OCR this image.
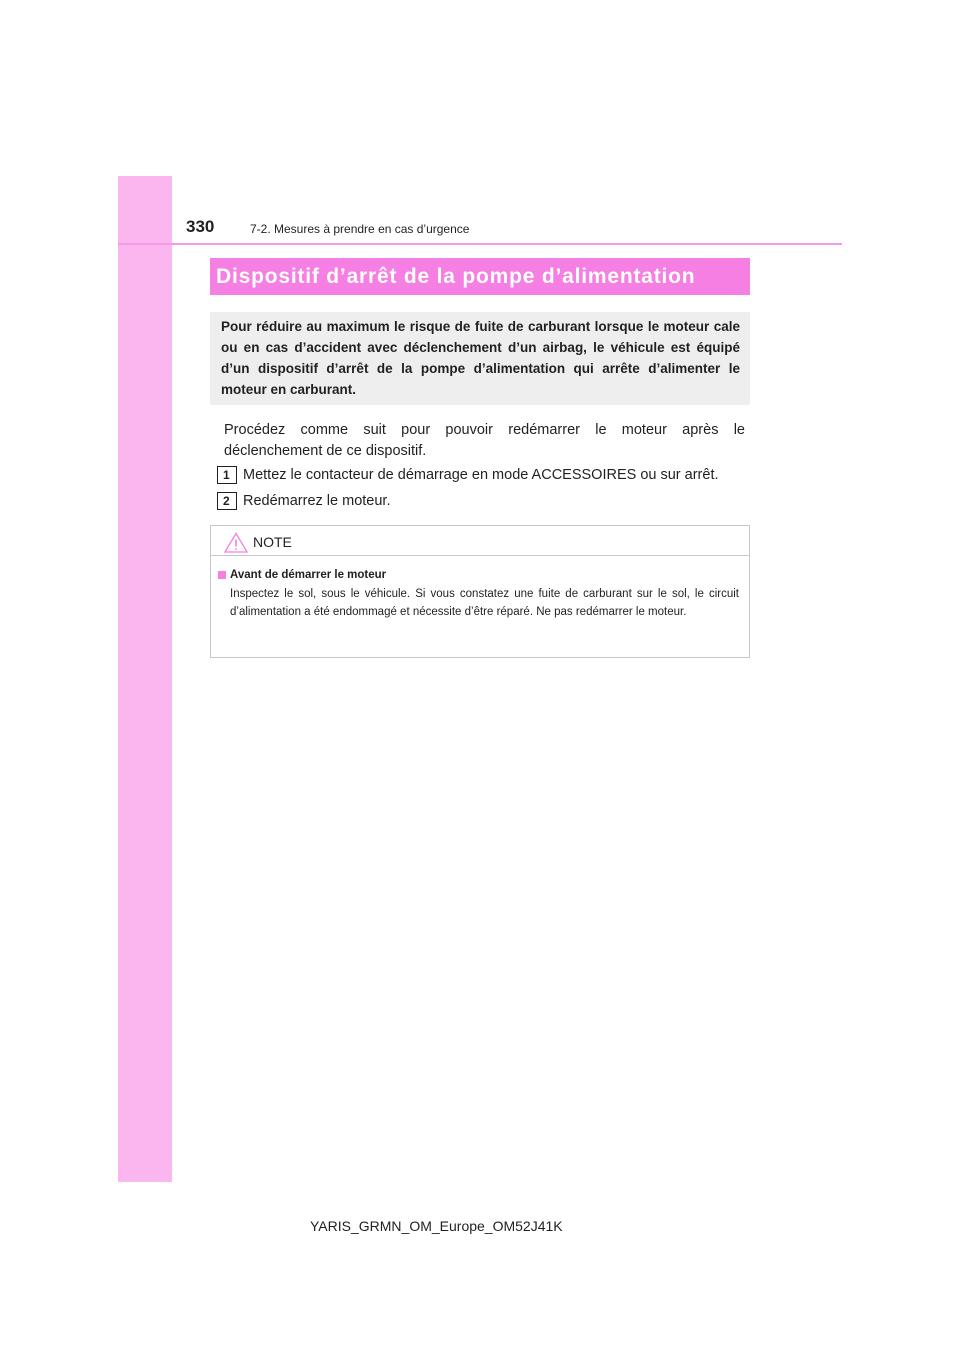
330	7-2. Mesures à prendre en cas d’urgence
Dispositif d’arrêt de la pompe d’alimentation

Pour réduire au maximum le risque de fuite de carburant lorsque le moteur cale ou en cas d’accident avec déclenchement d’un airbag, le véhicule est équipé d’un dispositif d’arrêt de la pompe d’alimentation qui arrête d’alimenter le moteur en carburant.

Procédez comme suit pour pouvoir redémarrer le moteur après le déclenchement de ce dispositif.

1 Mettez le contacteur de démarrage en mode ACCESSOIRES ou sur arrêt.
2 Redémarrez le moteur.
NOTE
Avant de démarrer le moteur

Inspectez le sol, sous le véhicule. Si vous constatez une fuite de carburant sur le sol, le circuit d’alimentation a été endommagé et nécessite d’être réparé. Ne pas redémarrer le moteur.

YARIS_GRMN_OM_Europe_OM52J41K
